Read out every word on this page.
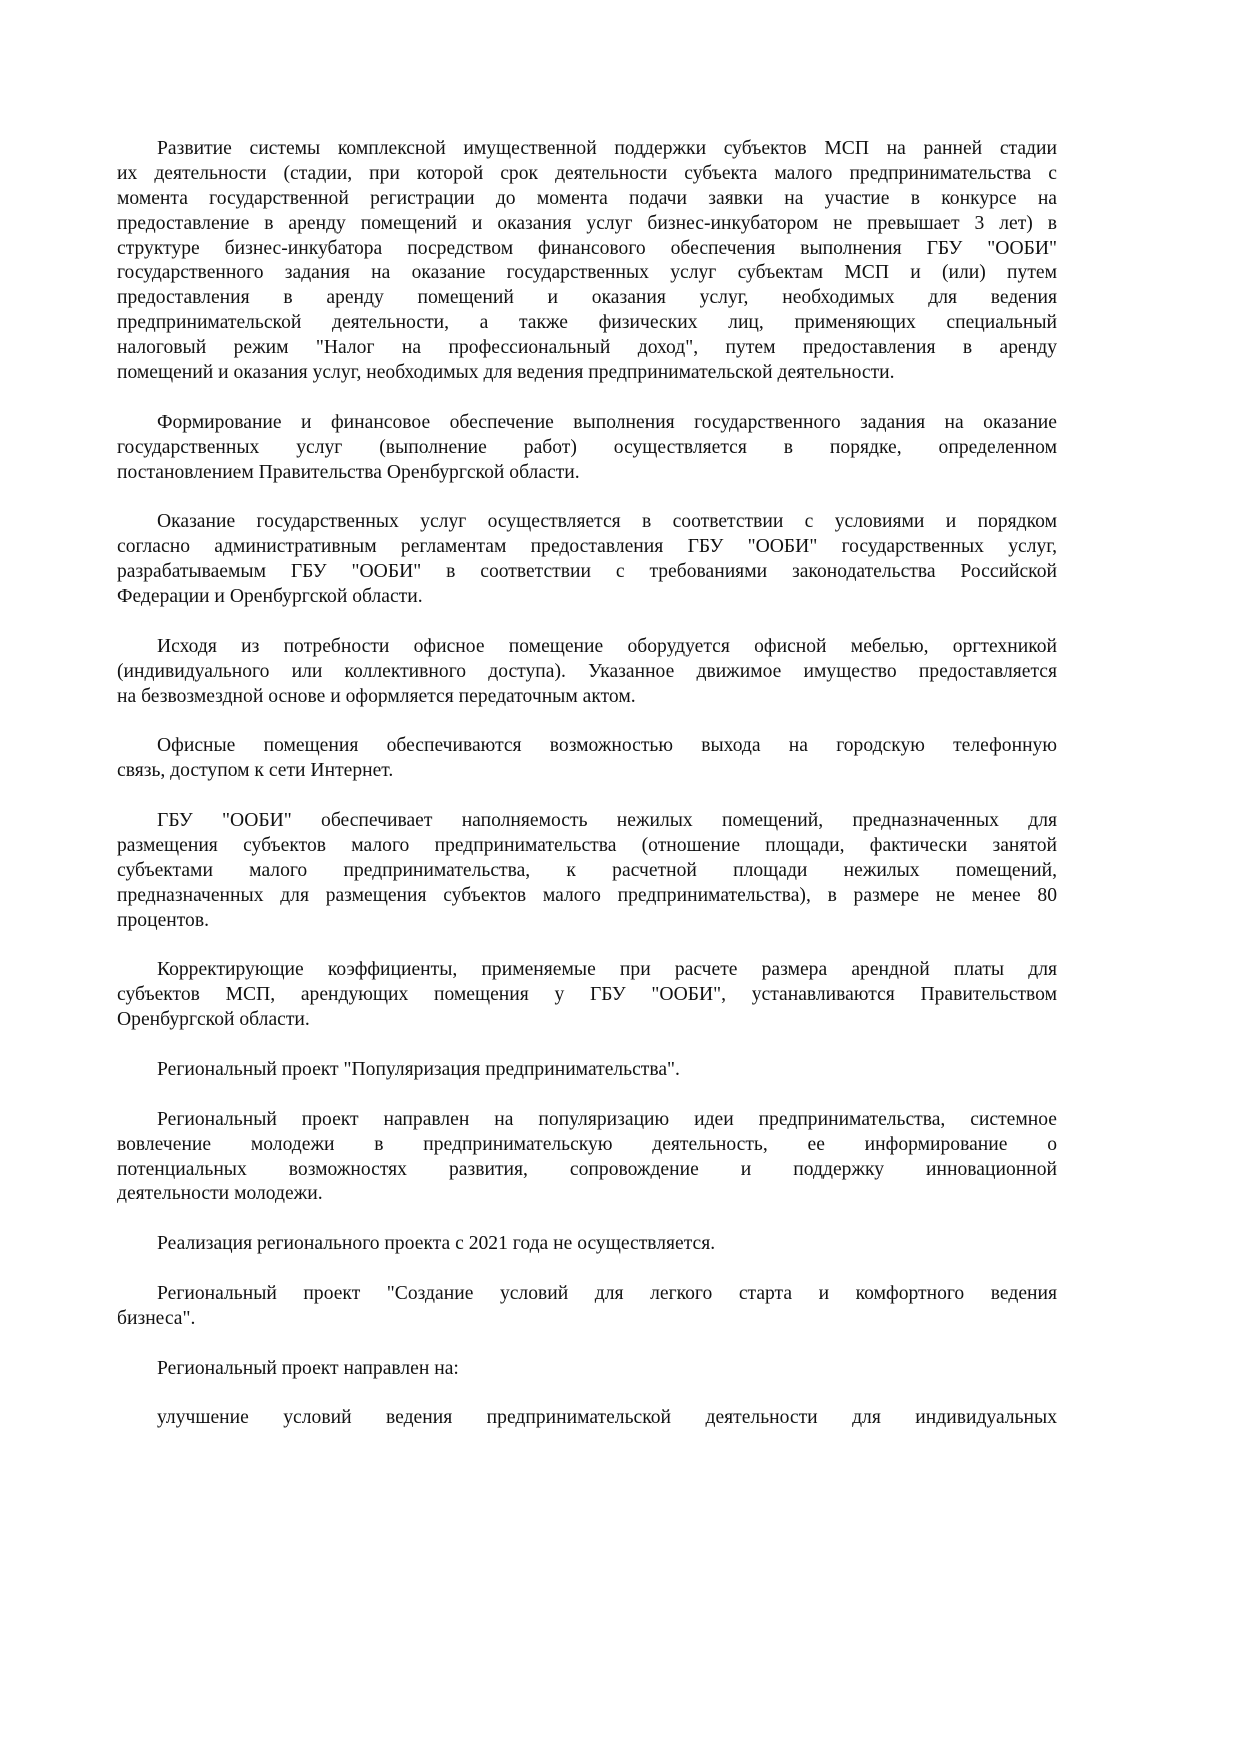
Развитие системы комплексной имущественной поддержки субъектов МСП на ранней стадии
их деятельности (стадии, при которой срок деятельности субъекта малого предпринимательства с
момента государственной регистрации до момента подачи заявки на участие в конкурсе на
предоставление в аренду помещений и оказания услуг бизнес-инкубатором не превышает 3 лет) в
структуре бизнес-инкубатора посредством финансового обеспечения выполнения ГБУ "ООБИ"
государственного задания на оказание государственных услуг субъектам МСП и (или) путем
предоставления в аренду помещений и оказания услуг, необходимых для ведения
предпринимательской деятельности, а также физических лиц, применяющих специальный
налоговый режим "Налог на профессиональный доход", путем предоставления в аренду
помещений и оказания услуг, необходимых для ведения предпринимательской деятельности.
Формирование и финансовое обеспечение выполнения государственного задания на оказание
государственных услуг (выполнение работ) осуществляется в порядке, определенном
постановлением Правительства Оренбургской области.
Оказание государственных услуг осуществляется в соответствии с условиями и порядком
согласно административным регламентам предоставления ГБУ "ООБИ" государственных услуг,
разрабатываемым ГБУ "ООБИ" в соответствии с требованиями законодательства Российской
Федерации и Оренбургской области.
Исходя из потребности офисное помещение оборудуется офисной мебелью, оргтехникой
(индивидуального или коллективного доступа). Указанное движимое имущество предоставляется
на безвозмездной основе и оформляется передаточным актом.
Офисные помещения обеспечиваются возможностью выхода на городскую телефонную
связь, доступом к сети Интернет.
ГБУ "ООБИ" обеспечивает наполняемость нежилых помещений, предназначенных для
размещения субъектов малого предпринимательства (отношение площади, фактически занятой
субъектами малого предпринимательства, к расчетной площади нежилых помещений,
предназначенных для размещения субъектов малого предпринимательства), в размере не менее 80
процентов.
Корректирующие коэффициенты, применяемые при расчете размера арендной платы для
субъектов МСП, арендующих помещения у ГБУ "ООБИ", устанавливаются Правительством
Оренбургской области.
Региональный проект "Популяризация предпринимательства".
Региональный проект направлен на популяризацию идеи предпринимательства, системное
вовлечение молодежи в предпринимательскую деятельность, ее информирование о
потенциальных возможностях развития, сопровождение и поддержку инновационной
деятельности молодежи.
Реализация регионального проекта с 2021 года не осуществляется.
Региональный проект "Создание условий для легкого старта и комфортного ведения
бизнеса".
Региональный проект направлен на:
улучшение условий ведения предпринимательской деятельности для индивидуальных
